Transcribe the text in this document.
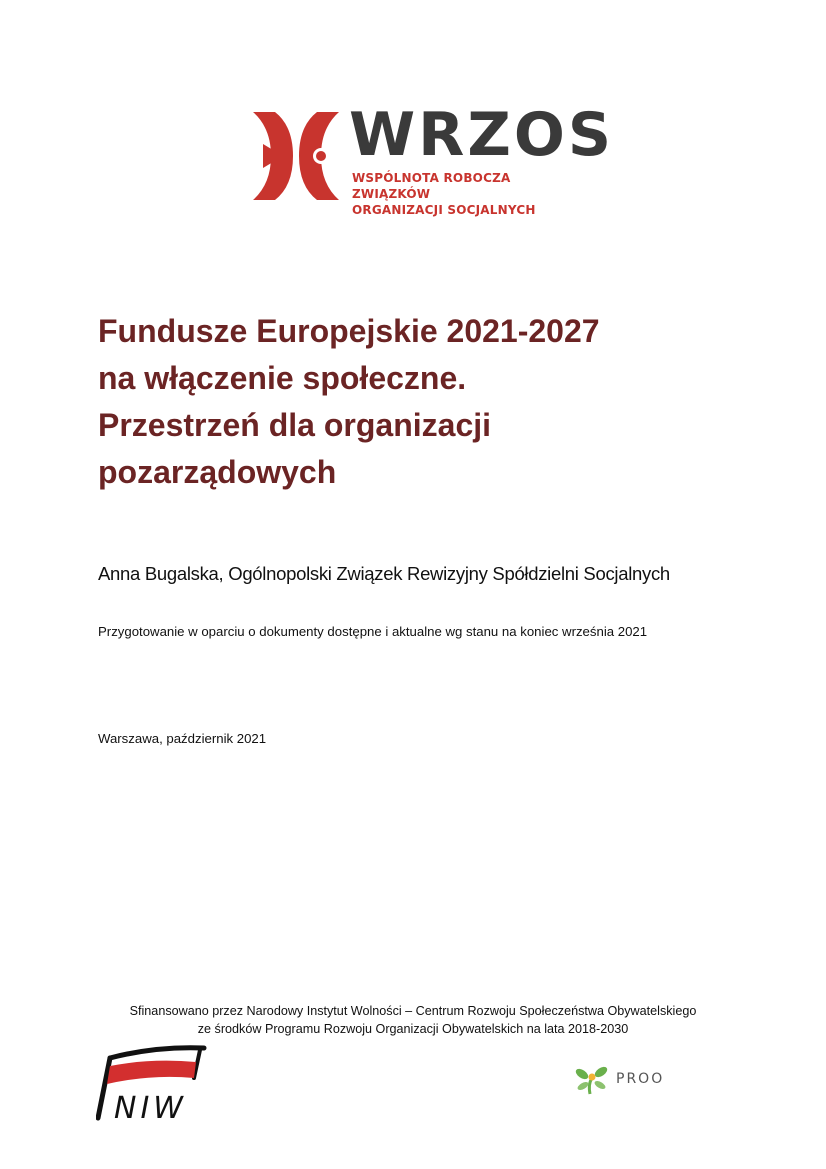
WRZOS
WSPÓLNOTA ROBOCZA ZWIĄZKÓW
ORGANIZACJI SOCJALNYCH
Fundusze Europejskie 2021-2027
na włączenie społeczne.
Przestrzeń dla organizacji
pozarządowych
Anna Bugalska, Ogólnopolski Związek Rewizyjny Spółdzielni Socjalnych
Przygotowanie w oparciu o dokumenty dostępne i aktualne wg stanu na koniec września 2021
Warszawa, październik 2021
Sfinansowano przez Narodowy Instytut Wolności – Centrum Rozwoju Społeczeństwa Obywatelskiego
ze środków Programu Rozwoju Organizacji Obywatelskich na lata 2018-2030
NIW
PROO
